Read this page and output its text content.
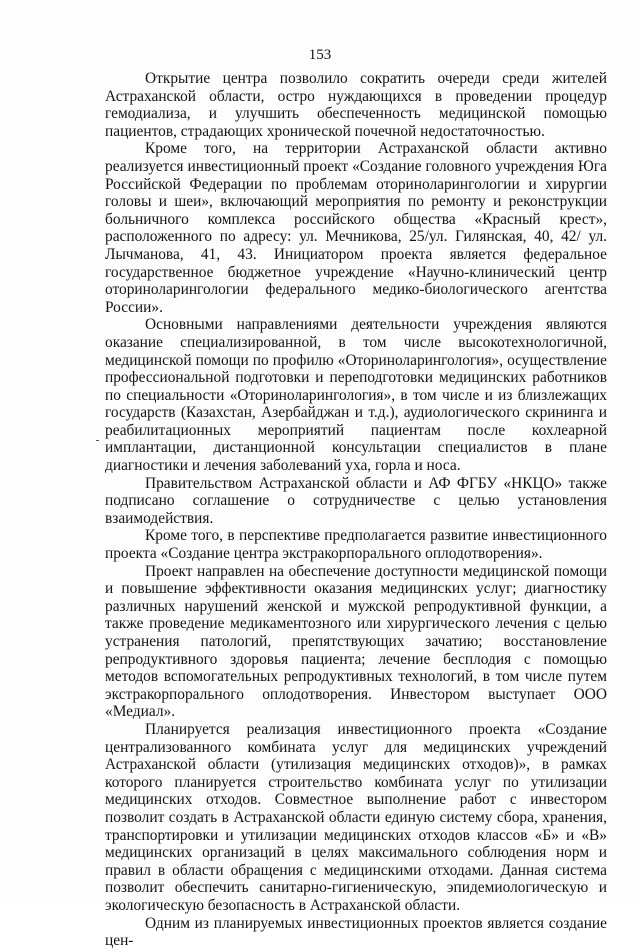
153

Открытие центра позволило сократить очереди среди жителей Астраханской области, остро нуждающихся в проведении процедур гемодиализа, и улучшить обеспеченность медицинской помощью пациентов, страдающих хронической почечной недостаточностью.

Кроме того, на территории Астраханской области активно реализуется инвестиционный проект «Создание головного учреждения Юга Российской Федерации по проблемам оториноларингологии и хирургии головы и шеи», включающий мероприятия по ремонту и реконструкции больничного комплекса российского общества «Красный крест», расположенного по адресу: ул. Мечникова, 25/ул. Гилянская, 40, 42/ ул. Лычманова, 41, 43. Инициатором проекта является федеральное государственное бюджетное учреждение «Научно-клинический центр оториноларингологии федерального медико-биологического агентства России».

Основными направлениями деятельности учреждения являются оказание специализированной, в том числе высокотехнологичной, медицинской помощи по профилю «Оториноларингология», осуществление профессиональной подготовки и переподготовки медицинских работников по специальности «Оториноларингология», в том числе и из близлежащих государств (Казахстан, Азербайджан и т.д.), аудиологического скрининга и реабилитационных мероприятий пациентам после кохлеарной имплантации, дистанционной консультации специалистов в плане диагностики и лечения заболеваний уха, горла и носа.

Правительством Астраханской области и АФ ФГБУ «НКЦО» также подписано соглашение о сотрудничестве с целью установления взаимодействия.

Кроме того, в перспективе предполагается развитие инвестиционного проекта «Создание центра экстракорпорального оплодотворения».

Проект направлен на обеспечение доступности медицинской помощи и повышение эффективности оказания медицинских услуг; диагностику различных нарушений женской и мужской репродуктивной функции, а также проведение медикаментозного или хирургического лечения с целью устранения патологий, препятствующих зачатию; восстановление репродуктивного здоровья пациента; лечение бесплодия с помощью методов вспомогательных репродуктивных технологий, в том числе путем экстракорпорального оплодотворения. Инвестором выступает ООО «Медиал».

Планируется реализация инвестиционного проекта «Создание централизованного комбината услуг для медицинских учреждений Астраханской области (утилизация медицинских отходов)», в рамках которого планируется строительство комбината услуг по утилизации медицинских отходов. Совместное выполнение работ с инвестором позволит создать в Астраханской области единую систему сбора, хранения, транспортировки и утилизации медицинских отходов классов «Б» и «В» медицинских организаций в целях максимального соблюдения норм и правил в области обращения с медицинскими отходами. Данная система позволит обеспечить санитарно-гигиеническую, эпидемиологическую и экологическую безопасность в Астраханской области.

Одним из планируемых инвестиционных проектов является создание цен-
